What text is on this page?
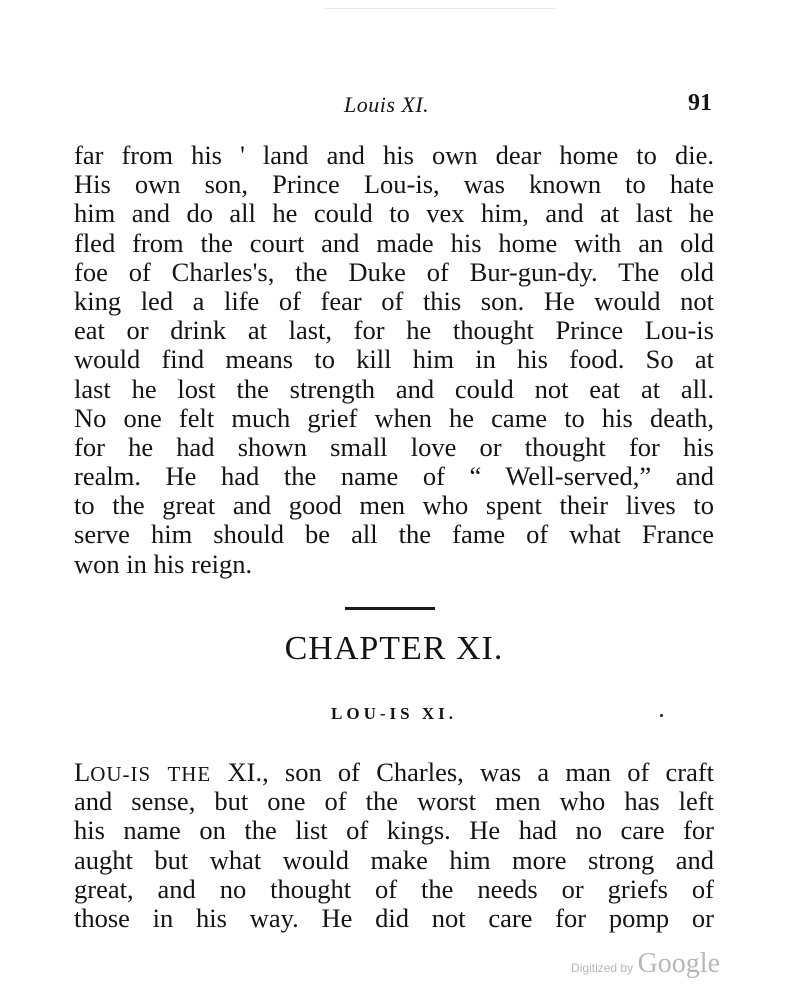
Louis XI.	91
far from his ' land and his own dear home to die.
His own son, Prince Lou-is, was known to hate
him and do all he could to vex him, and at last he
fled from the court and made his home with an old
foe of Charles's, the Duke of Bur-gun-dy. The old
king led a life of fear of this son. He would not
eat or drink at last, for he thought Prince Lou-is
would find means to kill him in his food. So at
last he lost the strength and could not eat at all.
No one felt much grief when he came to his death,
for he had shown small love or thought for his
realm. He had the name of “ Well-served,” and
to the great and good men who spent their lives to
serve him should be all the fame of what France
won in his reign.
CHAPTER XI.
LOU-IS XI.
LOU-IS THE XI., son of Charles, was a man of craft
and sense, but one of the worst men who has left
his name on the list of kings. He had no care for
aught but what would make him more strong and
great, and no thought of the needs or griefs of
those in his way. He did not care for pomp or
Digitized by Google
